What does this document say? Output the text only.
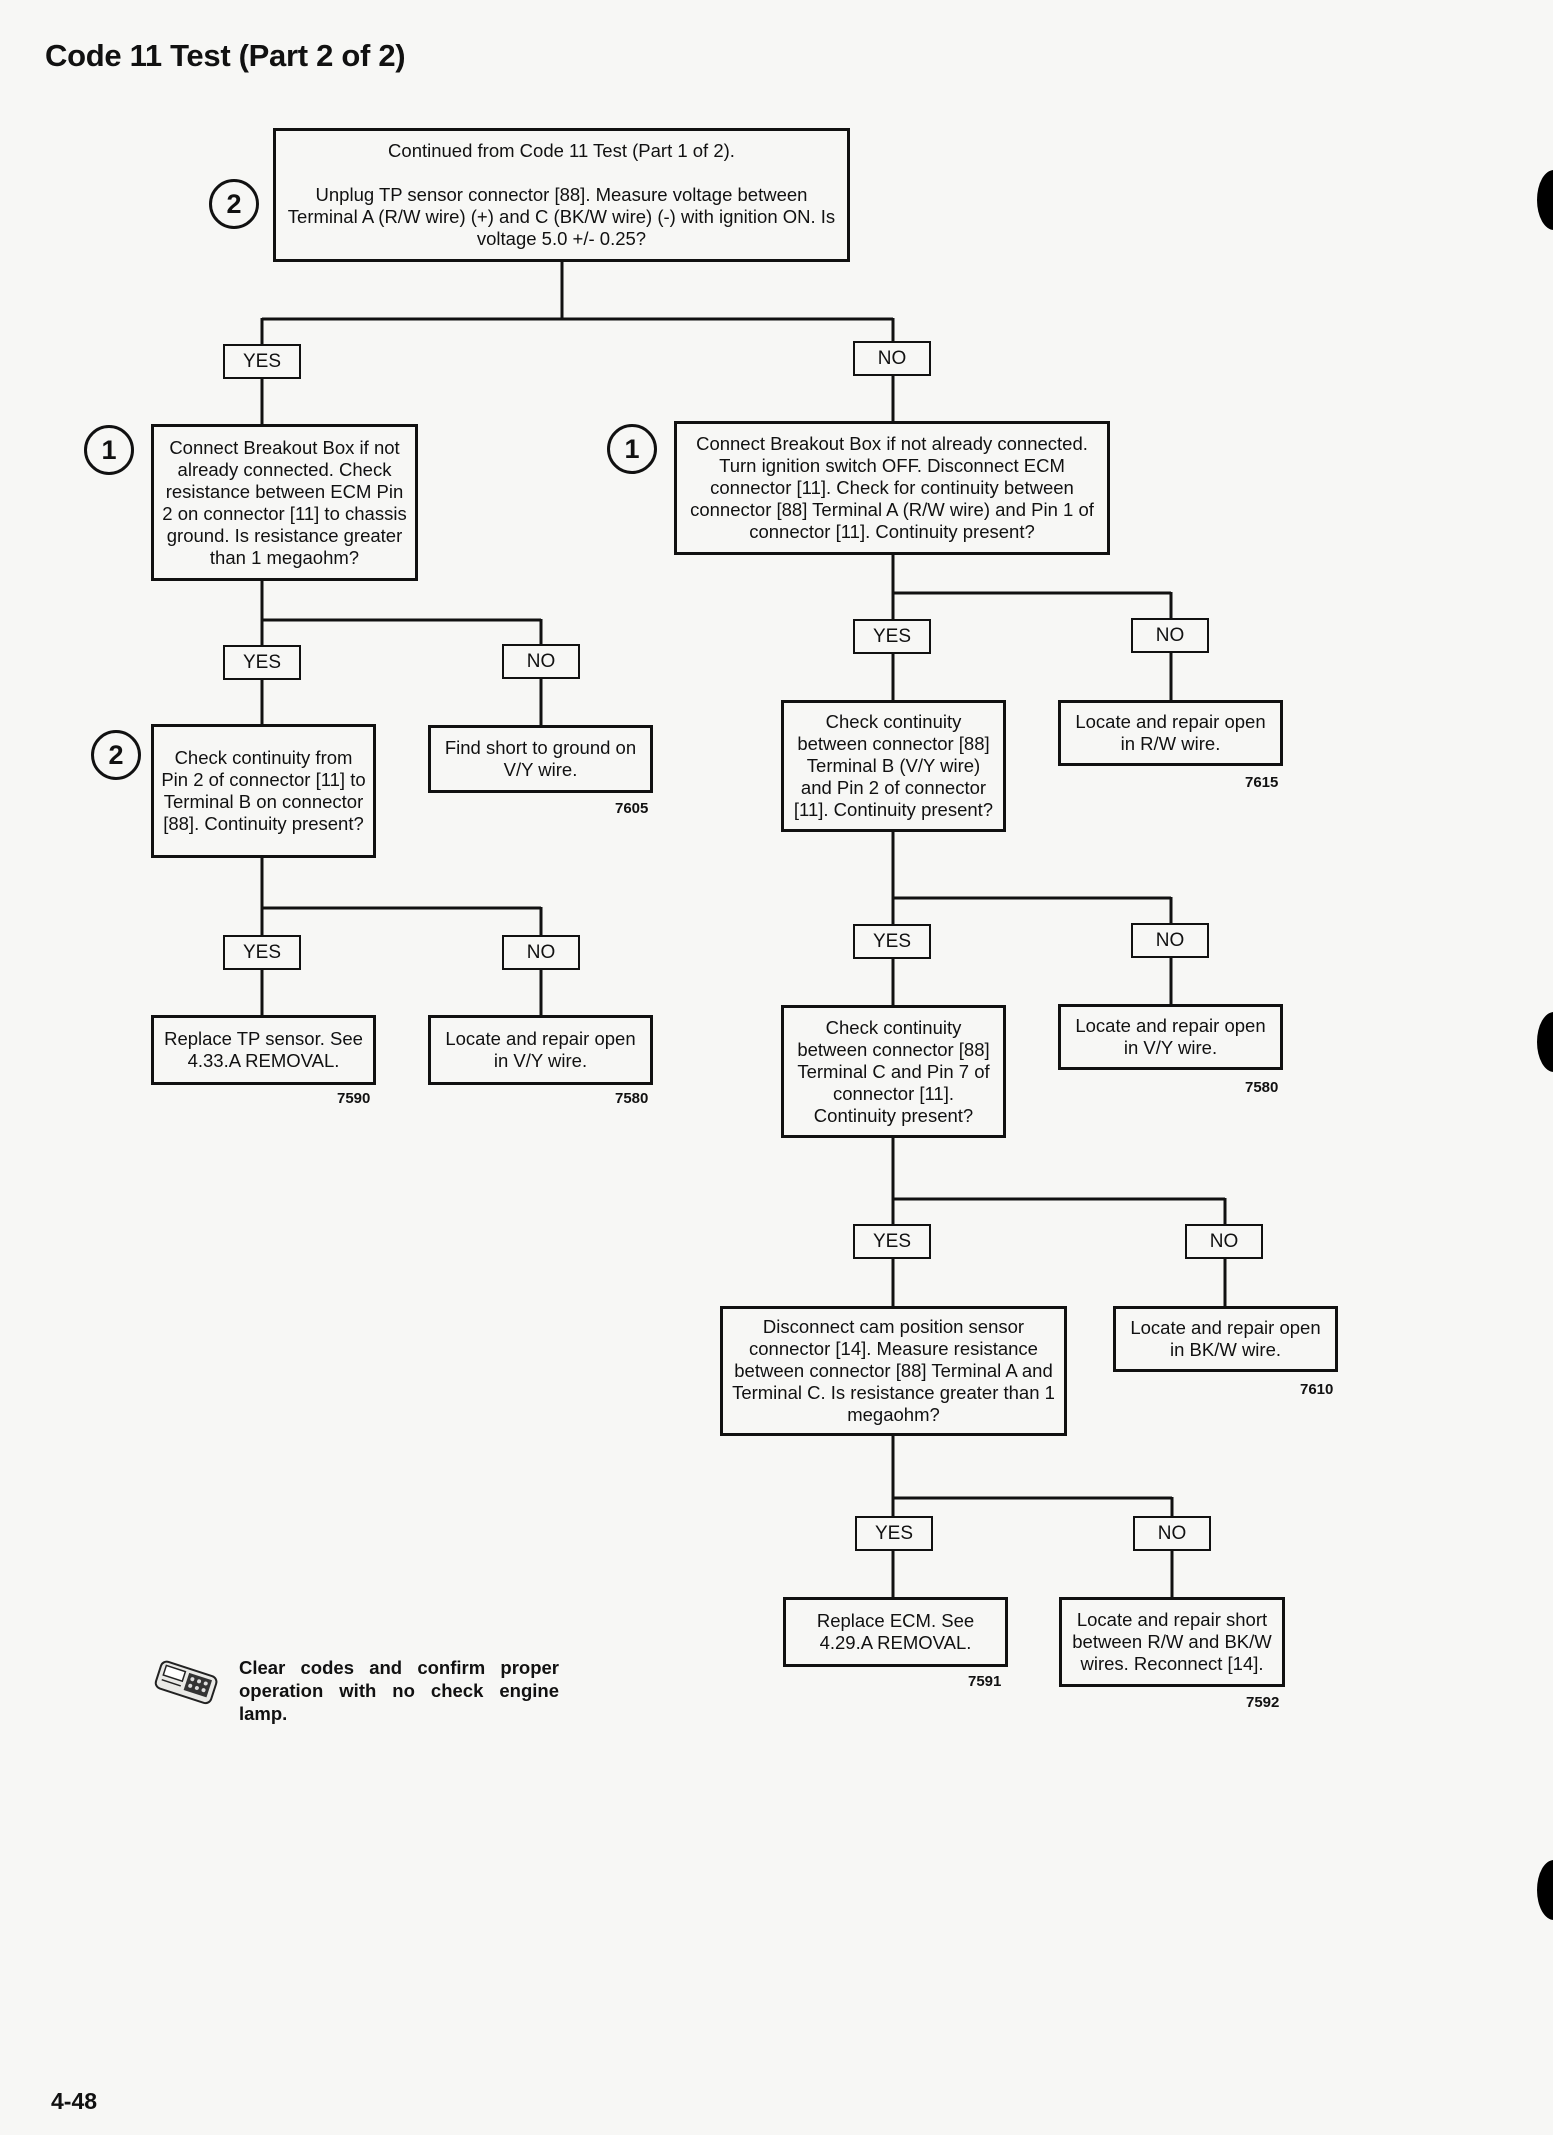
Code 11 Test (Part 2 of 2)
2

Continued from Code 11 Test (Part 1 of 2).

Unplug TP sensor connector [88]. Measure voltage between Terminal A (R/W wire) (+) and C (BK/W wire) (-) with ignition ON. Is voltage 5.0 +/- 0.25?

YES	NO
1	Connect Breakout Box if not already connected. Check resistance between ECM Pin 2 on connector [11] to chassis ground. Is resistance greater than 1 megaohm?

YES	NO
2	Check continuity from Pin 2 of connector [11] to Terminal B on connector [88]. Continuity present?

Find short to ground on V/Y wire.

7605
YES	NO

Replace TP sensor. See 4.33.A REMOVAL.

7590

Locate and repair open in V/Y wire.

7580
1	Connect Breakout Box if not already connected. Turn ignition switch OFF. Disconnect ECM connector [11]. Check for continuity between connector [88] Terminal A (R/W wire) and Pin 1 of connector [11]. Continuity present?

YES	NO

Check continuity between connector [88] Terminal B (V/Y wire) and Pin 2 of connector [11]. Continuity present?

Locate and repair open in R/W wire.

7615
YES	NO

Check continuity between connector [88] Terminal C and Pin 7 of connector [11]. Continuity present?

Locate and repair open in V/Y wire.

7580
YES	NO

Disconnect cam position sensor connector [14]. Measure resistance between connector [88] Terminal A and Terminal C. Is resistance greater than 1 megaohm?

Locate and repair open in BK/W wire.

7610
YES	NO

Replace ECM. See 4.29.A REMOVAL.

7591

Locate and repair short between R/W and BK/W wires. Reconnect [14].

7592
Clear codes and confirm proper operation with no check engine lamp.
4-48
